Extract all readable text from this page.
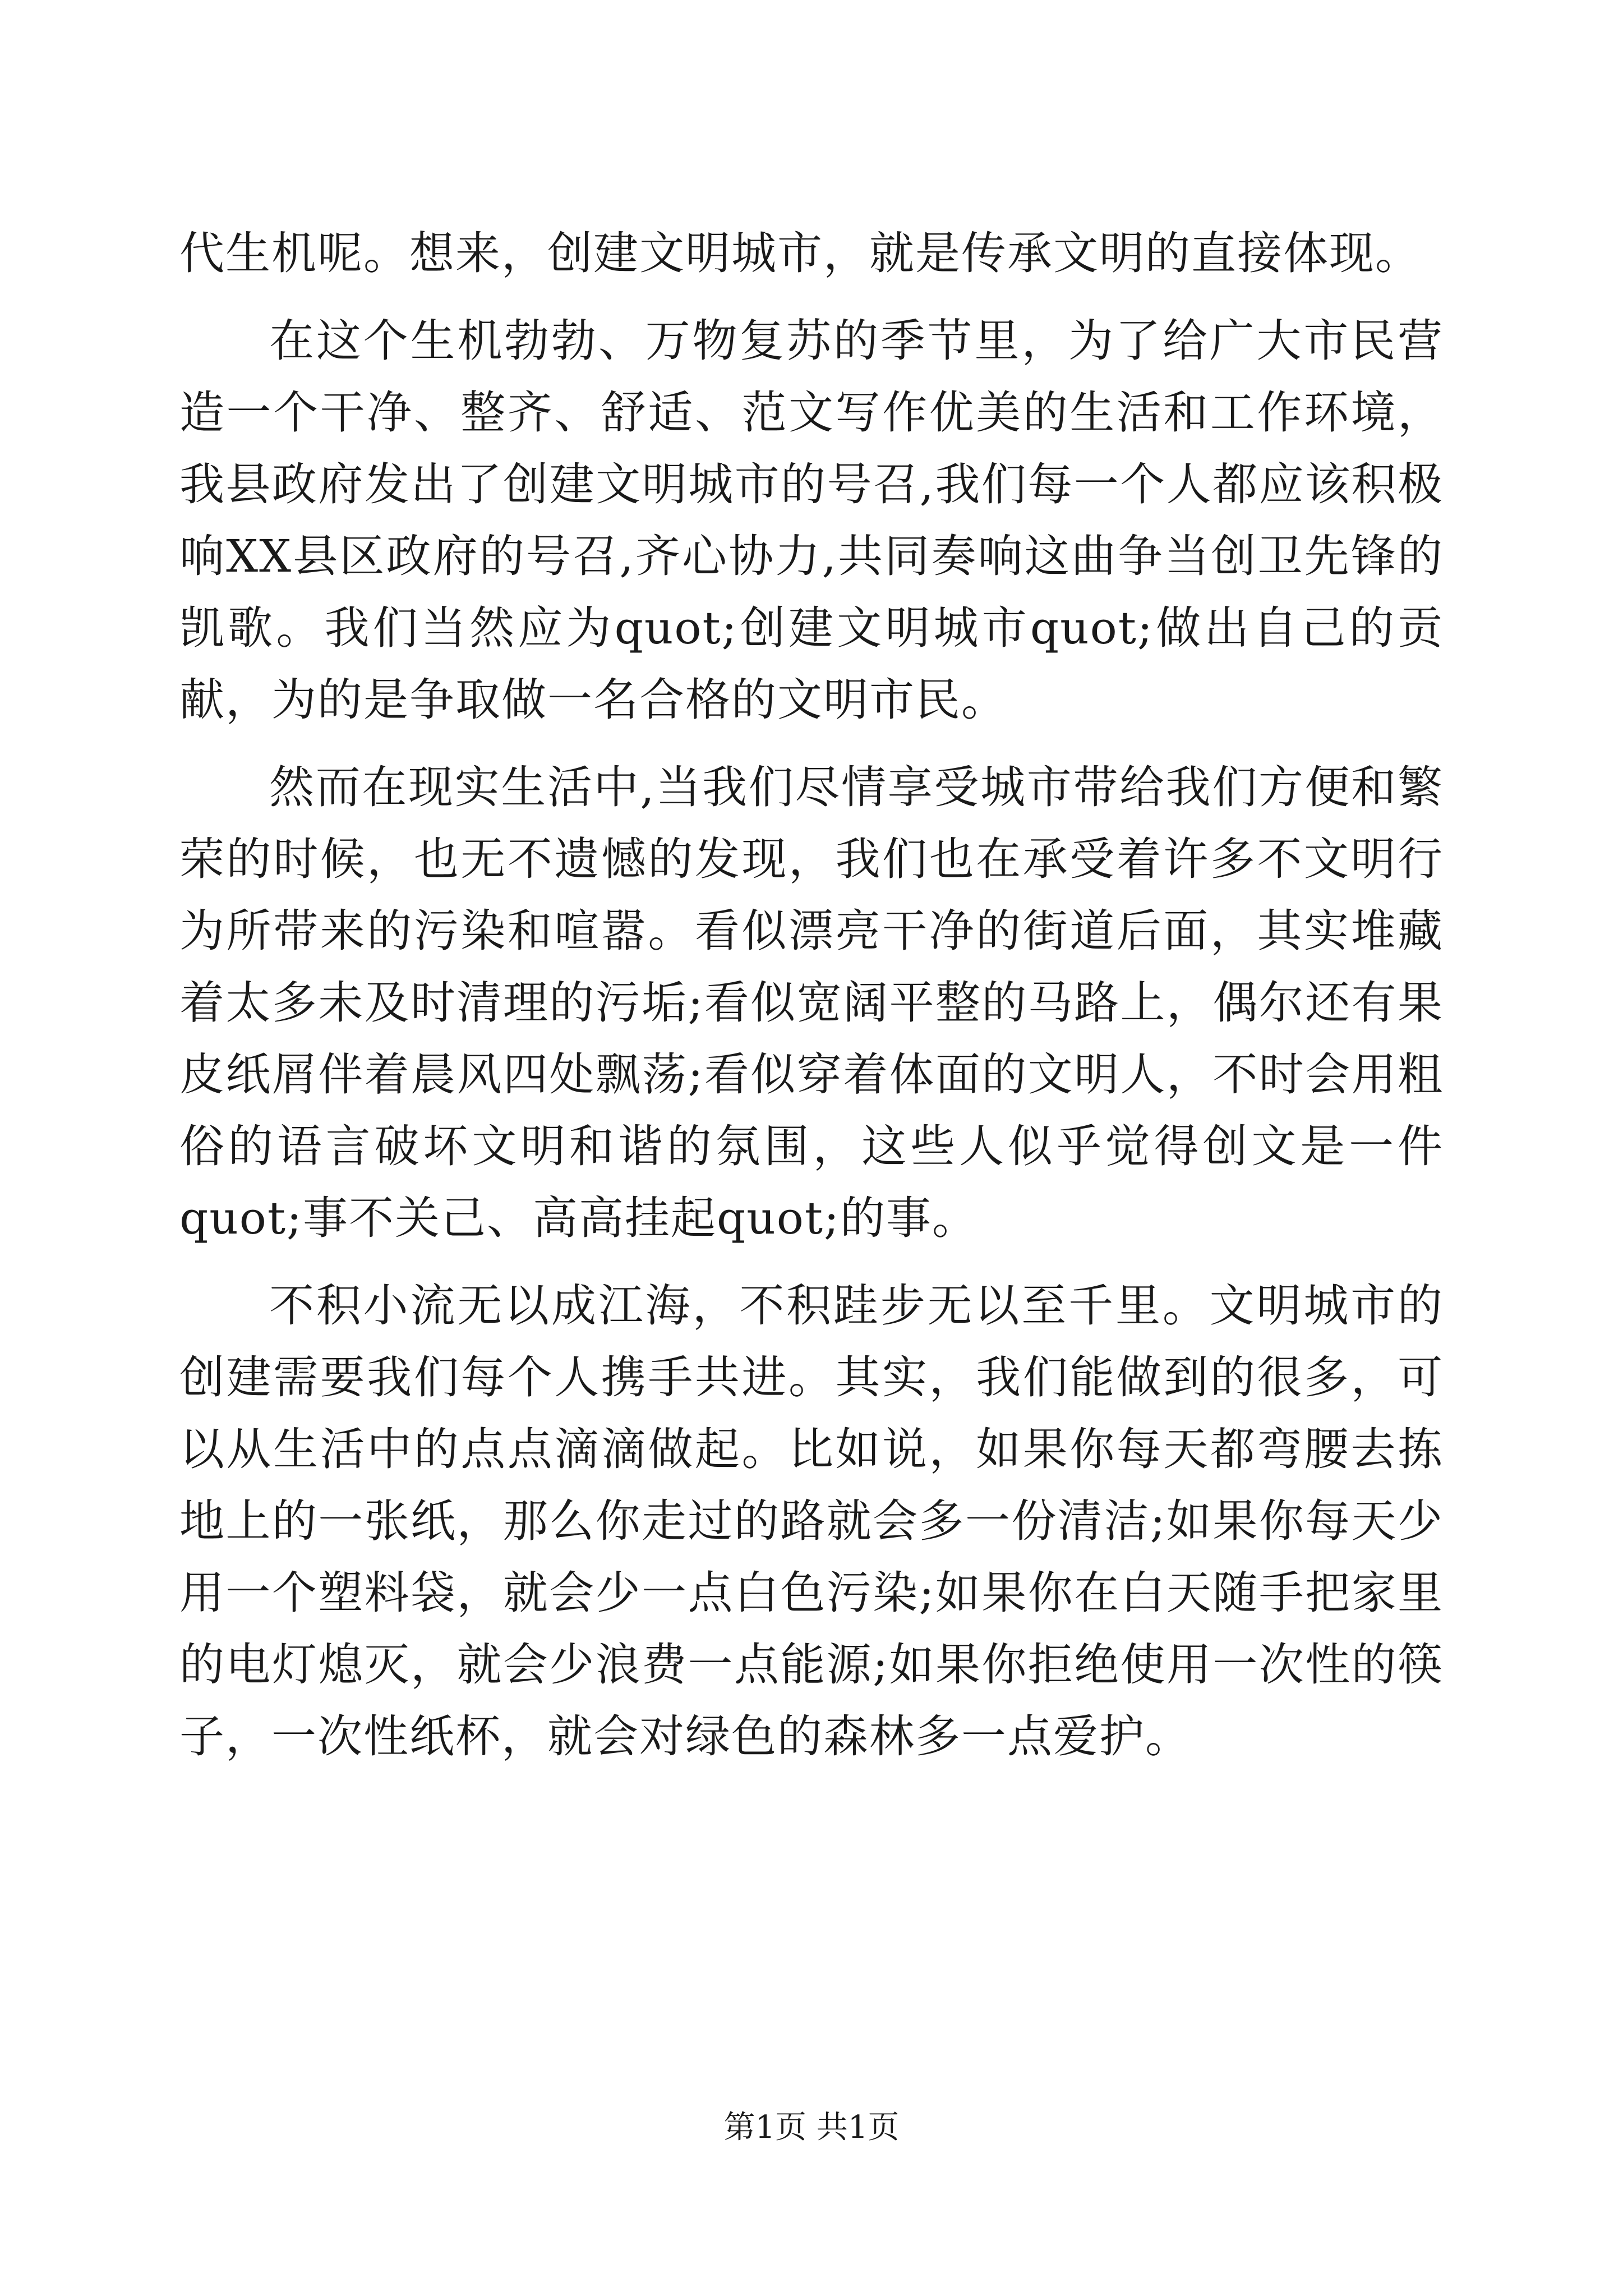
代生机呢。想来，创建文明城市，就是传承文明的直接体现。

在这个生机勃勃、万物复苏的季节里，为了给广大市民营造一个干净、整齐、舒适、范文写作优美的生活和工作环境，我县政府发出了创建文明城市的号召,我们每一个人都应该积极响XX县区政府的号召,齐心协力,共同奏响这曲争当创卫先锋的凯歌。我们当然应为quot;创建文明城市quot;做出自己的贡献，为的是争取做一名合格的文明市民。

然而在现实生活中,当我们尽情享受城市带给我们方便和繁荣的时候，也无不遗憾的发现，我们也在承受着许多不文明行为所带来的污染和喧嚣。看似漂亮干净的街道后面，其实堆藏着太多未及时清理的污垢;看似宽阔平整的马路上，偶尔还有果皮纸屑伴着晨风四处飘荡;看似穿着体面的文明人，不时会用粗俗的语言破坏文明和谐的氛围，这些人似乎觉得创文是一件quot;事不关己、高高挂起quot;的事。

不积小流无以成江海，不积跬步无以至千里。文明城市的创建需要我们每个人携手共进。其实，我们能做到的很多，可以从生活中的点点滴滴做起。比如说，如果你每天都弯腰去拣地上的一张纸，那么你走过的路就会多一份清洁;如果你每天少用一个塑料袋，就会少一点白色污染;如果你在白天随手把家里的电灯熄灭，就会少浪费一点能源;如果你拒绝使用一次性的筷子，一次性纸杯，就会对绿色的森林多一点爱护。

第1页 共1页
